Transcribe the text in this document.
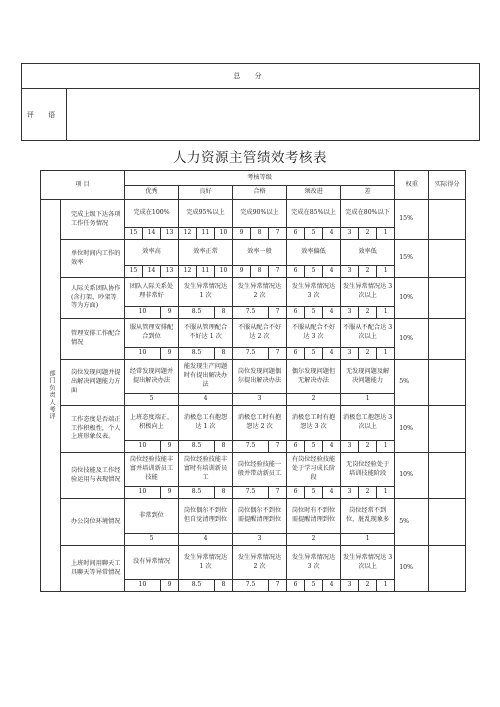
总 分
评 语	
人力资源主管绩效考核表
项 目		考核等级															权重	实际得分
		优秀			良好			合格			须改进			差				
部门负责人考评	完成上级下达各项工作任务情况	完成在100%			完成95%以上			完成90%以上			完成在85%以上			完成在80%以下			15%	
		15	14	13	12	11	10	9	8	7	6	5	4	3	2	1		
	单位时间内工作的效率	效率高			效率正常			效率一般			效率偏低			效率低			15%	
		15	14	13	12	11	10	9	8	7	6	5	4	3	2	1		
	人际关系团队协作(含打架、吵架等等为方面)	团队人际关系处理非常好			发生异常情况达 1 次			发生异常情况达 2 次			发生异常情况达 3 次			发生异常情况达 3 次以上			10%	
		10		9	8.5		8	7.5		7	6	5	4	3	2	1		
	管理安排工作配合情况	服从管理安排配合到位			不服从管理配合不好达 1 次			不服从配合不好达 2 次			不服从配合不好达 3 次			不服从不配合达 3 次以上			10%	
		10		9	8.5		8	7.5		7	6	5	4	3	2	1		
	岗位发现问题并提出解决问题能力方面	经常发现问题并提出解决办法			能发现生产问题时有提出解决办法			岗位发现问题偶尔提出解决办法			偶尔发现问题但无解决办法			无发现问题及解决问题能力			5%	
		5			4			3			2			1				
	工作态度是否端正工作积极性，个人上班形象仪表。	上班态度端正，积极向上			消极怠工有抱怨达 1 次			消极怠工时有抱怨达 2 次			消极怠工时有抱怨达 3 次			消极怠工抱怨达 3 次以上			10%	
		10		9	8.5		8	7.5		7	6	5	4	3	2	1		
	岗位技能及工作经验运用与表现情况	岗位经验技能丰富并培训新员工技能			岗位经验技能丰富时有培训新员工			岗位经验技能一般并带动新员工			有岗位经验技能处于学习成长阶段			无岗位经验处于培训技能阶段			10%	
		10		9	8.5		8	7.5		7	6	5	4	3	2	1		
	办公岗位环境情况	非常到位			岗位偶尔不到位但自觉清理到位			岗位偶尔不到位需提醒清理到位			岗位时有不到位需提醒清理到位			岗位经常不到位，脏乱现象多			5%	
		5			4			3			2			1				
	上班时间用聊天工具聊天等异常情况	没有异常情况			发生异常情况达 1 次			发生异常情况达 2 次			发生异常情况达 3 次			发生异常情况达 3 次以上			10%	
		10		9	8.5		8	7.5		7	6	5	4	3	2	1		
